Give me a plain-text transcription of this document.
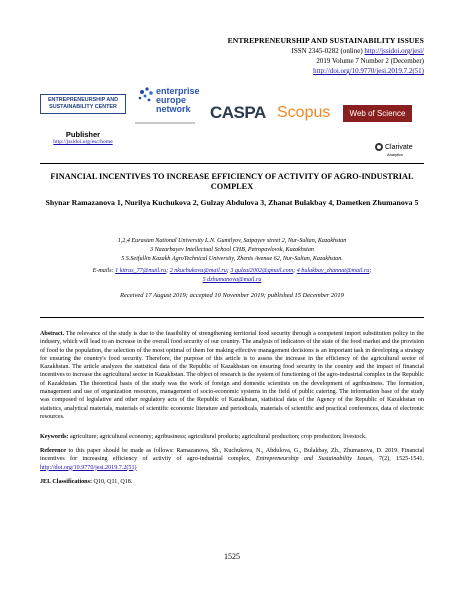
ENTREPRENEURSHIP AND SUSTAINABILITY ISSUES
ISSN 2345-0282 (online) http://jssidoi.org/jesi/
2019 Volume 7 Number 2 (December)
http://doi.org/10.9770/jesi.2019.7.2(51)
ENTREPRENEURSHIP AND SUSTAINABILITY CENTER
Publisher
http://jssidoi.org/esc/home
enterprise
europe
network CASPA Scopus	Web of Science
Clarivate
Analytics
FINANCIAL INCENTIVES TO INCREASE EFFICIENCY OF ACTIVITY OF AGRO-INDUSTRIAL COMPLEX
Shynar Ramazanova 1, Nurilya Kuchukova 2, Gulzay Abdulova 3, Zhanat Bulakbay 4, Dametken Zhumanova 5
1,2,4 Eurasian National University L.N. Gumilyov, Satpayev street 2, Nur-Sultan, Kazakhstan
3 Nazarbayev Intellectual School CHB, Petropavlovsk, Kazakhstan
5 S.Seifullin Kazakh AgroTechnical University, Zhenis Avenue 62, Nur-Sultan, Kazakhstan.
E-mails: 1 kitrus_77@mail.ru; 2 nkuchukova@mail.ru; 3 gulzai2002@gmail.com; 4 bulakbay_zhannat@mail.ru;
5 dzhumanova@mail.ru
Received 17 August 2019; accepted 10 November 2019; published 15 December 2019
Abstract. The relevance of the study is due to the feasibility of strengthening territorial food security through a competent import substitution policy in the industry, which will lead to an increase in the overall food security of our country. The analysis of indicators of the state of the food market and the provision of food to the population, the selection of the most optimal of them for making effective management decisions is an important task in developing a strategy for ensuring the country's food security. Therefore, the purpose of this article is to assess the increase in the efficiency of the agricultural sector of Kazakhstan. The article analyzes the statistical data of the Republic of Kazakhstan on ensuring food security in the country and the impact of financial incentives to increase the agricultural sector in Kazakhstan. The object of research is the system of functioning of the agro-industrial complex in the Republic of Kazakhstan. The theoretical basis of the study was the work of foreign and domestic scientists on the development of agribusiness. The formation, management and use of organization resources, management of socio-economic systems in the field of public catering. The information base of the study was composed of legislative and other regulatory acts of the Republic of Kazakhstan, statistical data of the Agency of the Republic of Kazakhstan on statistics, analytical materials, materials of scientific economic literature and periodicals, materials of scientific and practical conferences, data of electronic resources.
Keywords: agriculture; agricultural economy; agribusiness; agricultural products; agricultural production; crop production; livestock.
Reference to this paper should be made as follows: Ramazanova, Sh., Kuchukova, N., Abdulova, G., Bulakbay, Zh., Zhumanova, D. 2019. Financial incentives for increasing efficiency of activity of agro-industrial complex, Entrepreneurship and Sustainability Issues, 7(2), 1525-1541. http://doi.org/10.9770/jesi.2019.7.2(51)
JEL Classifications: Q10, Q11, Q18.
1525
